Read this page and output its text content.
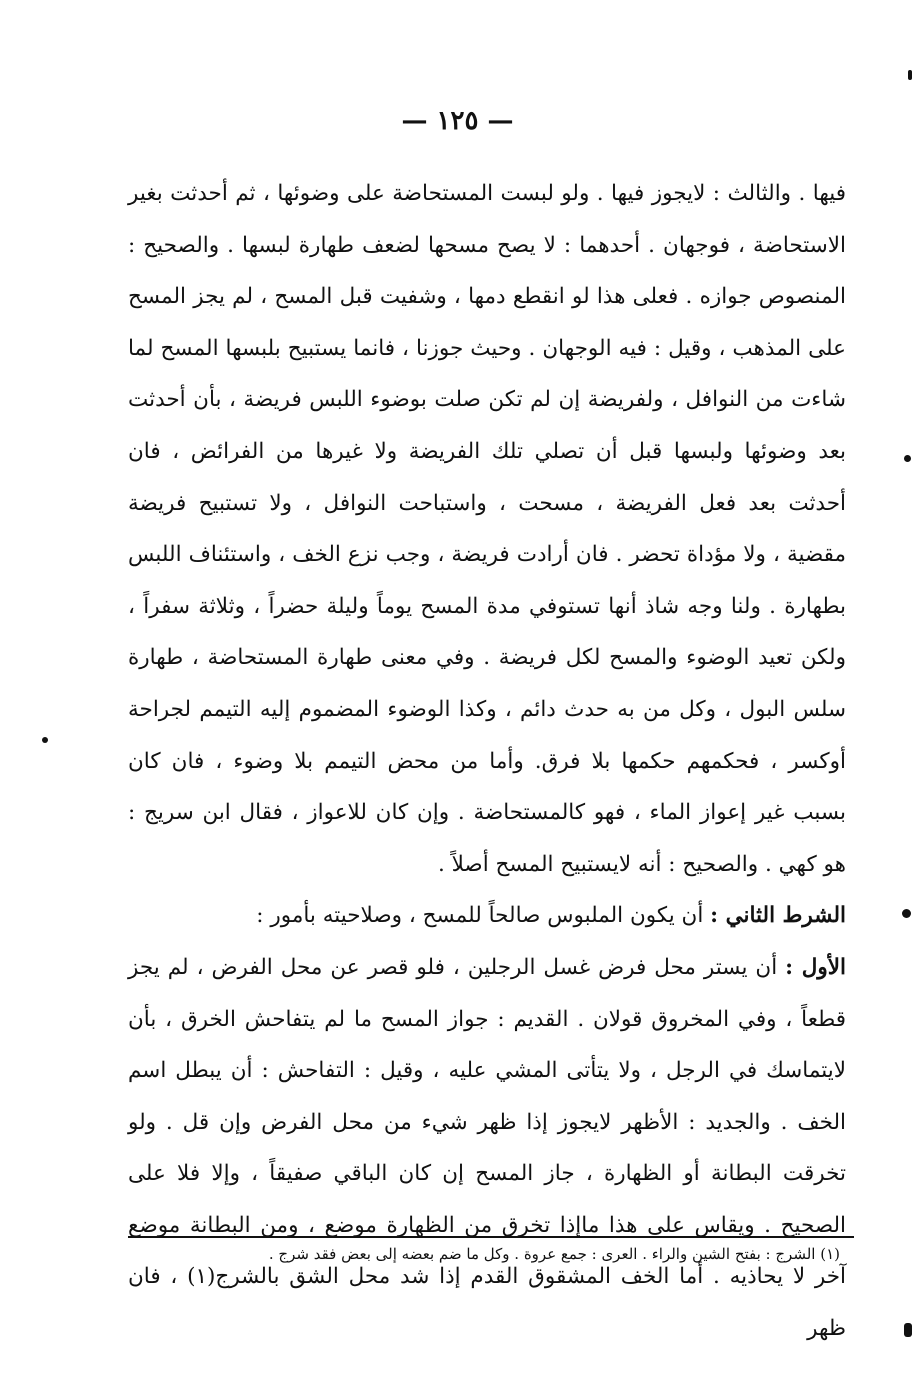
— ١٢٥ —

فيها . والثالث : لايجوز فيها . ولو لبست المستحاضة على وضوئها ، ثم أحدثت بغير الاستحاضة ، فوجهان . أحدهما : لا يصح مسحها لضعف طهارة لبسها . والصحيح : المنصوص جوازه . فعلى هذا لو انقطع دمها ، وشفيت قبل المسح ، لم يجز المسح على المذهب ، وقيل : فيه الوجهان . وحيث جوزنا ، فانما يستبيح بلبسها المسح لما شاءت من النوافل ، ولفريضة إن لم تكن صلت بوضوء اللبس فريضة ، بأن أحدثت بعد وضوئها ولبسها قبل أن تصلي تلك الفريضة ولا غيرها من الفرائض ، فان أحدثت بعد فعل الفريضة ، مسحت ، واستباحت النوافل ، ولا تستبيح فريضة مقضية ، ولا مؤداة تحضر . فان أرادت فريضة ، وجب نزع الخف ، واستئناف اللبس بطهارة . ولنا وجه شاذ أنها تستوفي مدة المسح يوماً وليلة حضراً ، وثلاثة سفراً ، ولكن تعيد الوضوء والمسح لكل فريضة . وفي معنى طهارة المستحاضة ، طهارة سلس البول ، وكل من به حدث دائم ، وكذا الوضوء المضموم إليه التيمم لجراحة أوكسر ، فحكمهم حكمها بلا فرق. وأما من محض التيمم بلا وضوء ، فان كان بسبب غير إعواز الماء ، فهو كالمستحاضة . وإن كان للاعواز ، فقال ابن سريج : هو كهي . والصحيح : أنه لايستبيح المسح أصلاً .

الشرط الثاني : أن يكون الملبوس صالحاً للمسح ، وصلاحيته بأمور :

الأول : أن يستر محل فرض غسل الرجلين ، فلو قصر عن محل الفرض ، لم يجز قطعاً ، وفي المخروق قولان . القديم : جواز المسح ما لم يتفاحش الخرق ، بأن لايتماسك في الرجل ، ولا يتأتى المشي عليه ، وقيل : التفاحش : أن يبطل اسم الخف . والجديد : الأظهر لايجوز إذا ظهر شيء من محل الفرض وإن قل . ولو تخرقت البطانة أو الظهارة ، جاز المسح إن كان الباقي صفيقاً ، وإلا فلا على الصحيح . ويقاس على هذا ماإذا تخرق من الظهارة موضع ، ومن البطانة موضع آخر لا يحاذيه . أما الخف المشقوق القدم إذا شد محل الشق بالشرج(١) ، فان ظهر

(١) الشرج : بفتح الشين والراء . العرى : جمع عروة . وكل ما ضم بعضه إلى بعض فقد شرج .
